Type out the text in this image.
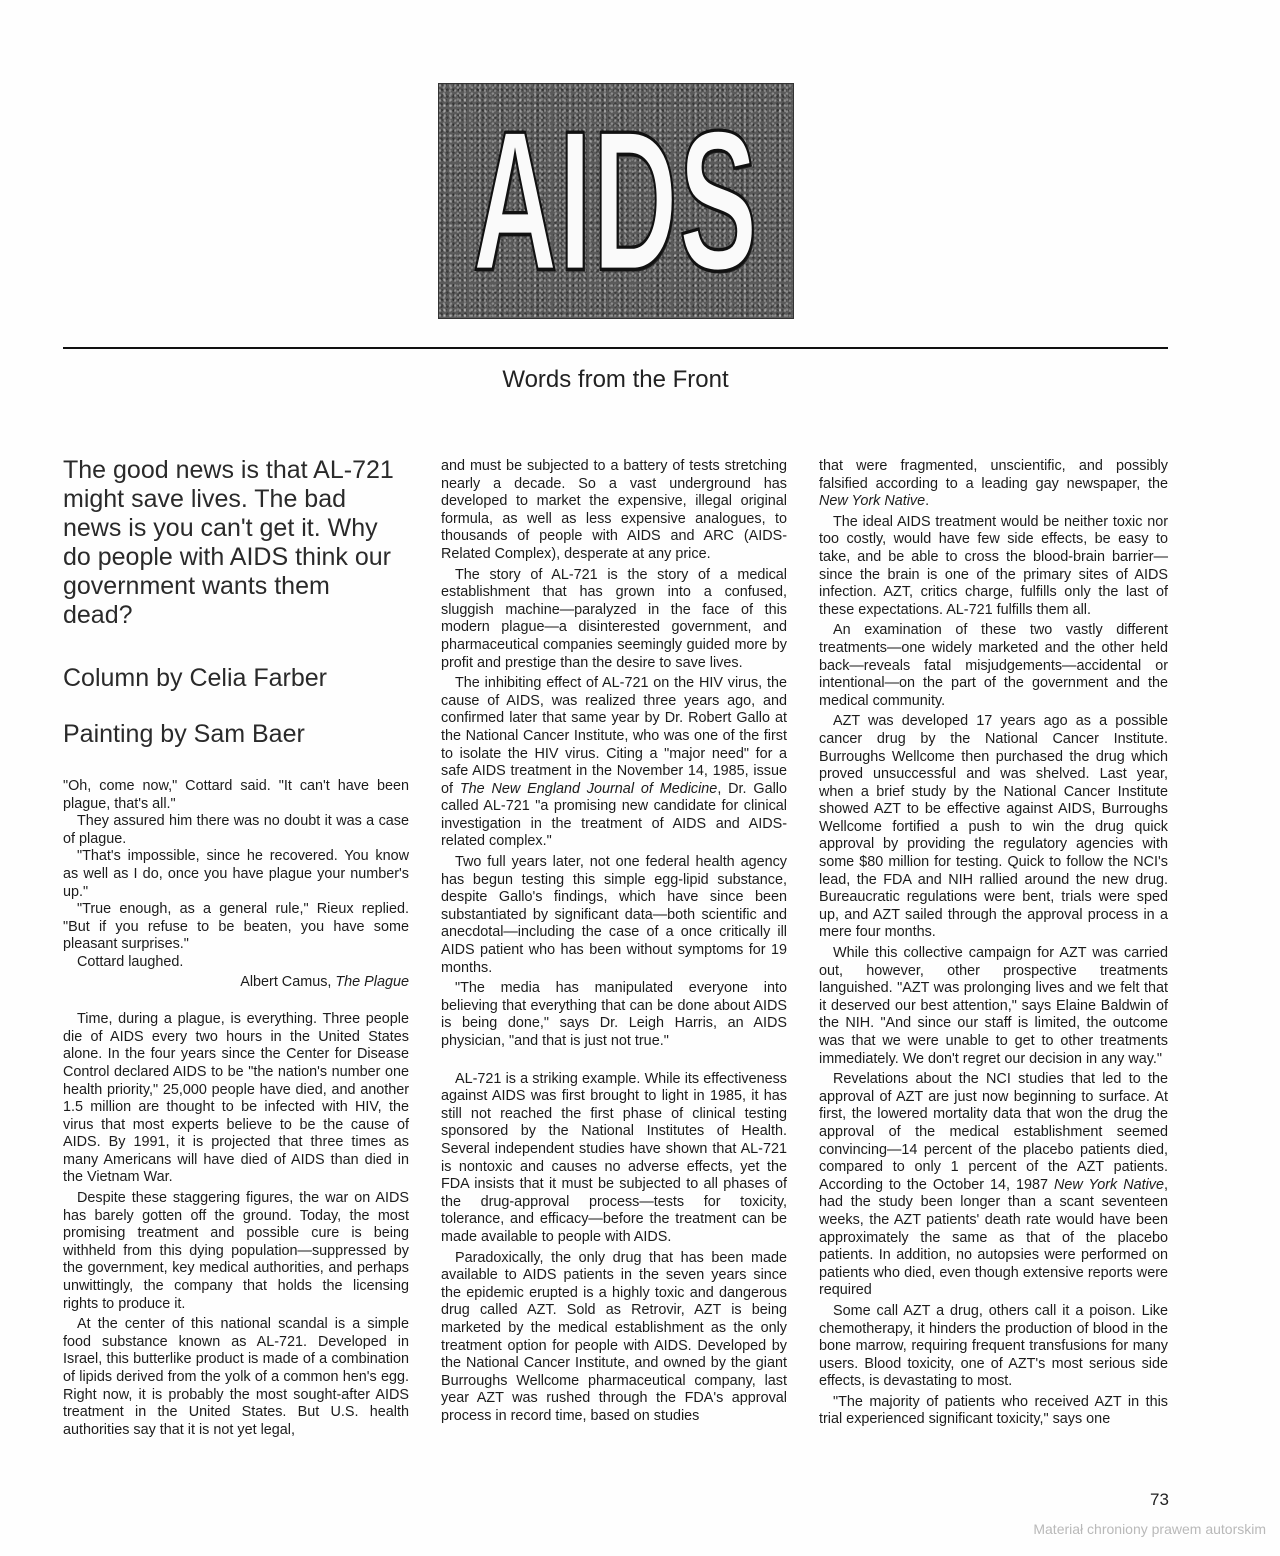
AIDS
Words from the Front
The good news is that AL-721 might save lives. The bad news is you can't get it. Why do people with AIDS think our government wants them dead?
Column by Celia Farber
Painting by Sam Baer

"Oh, come now," Cottard said. "It can't have been plague, that's all."

They assured him there was no doubt it was a case of plague.

"That's impossible, since he recovered. You know as well as I do, once you have plague your number's up."

"True enough, as a general rule," Rieux replied. "But if you refuse to be beaten, you have some pleasant surprises."

Cottard laughed.

Albert Camus, The Plague

Time, during a plague, is everything. Three people die of AIDS every two hours in the United States alone. In the four years since the Center for Disease Control declared AIDS to be "the nation's number one health priority," 25,000 people have died, and another 1.5 million are thought to be infected with HIV, the virus that most experts believe to be the cause of AIDS. By 1991, it is projected that three times as many Americans will have died of AIDS than died in the Vietnam War.

Despite these staggering figures, the war on AIDS has barely gotten off the ground. Today, the most promising treatment and possible cure is being withheld from this dying population—suppressed by the government, key medical authorities, and perhaps unwittingly, the company that holds the licensing rights to produce it.

At the center of this national scandal is a simple food substance known as AL-721. Developed in Israel, this butterlike product is made of a combination of lipids derived from the yolk of a common hen's egg. Right now, it is probably the most sought-after AIDS treatment in the United States. But U.S. health authorities say that it is not yet legal,

and must be subjected to a battery of tests stretching nearly a decade. So a vast underground has developed to market the expensive, illegal original formula, as well as less expensive analogues, to thousands of people with AIDS and ARC (AIDS-Related Complex), desperate at any price.

The story of AL-721 is the story of a medical establishment that has grown into a confused, sluggish machine—paralyzed in the face of this modern plague—a disinterested government, and pharmaceutical companies seemingly guided more by profit and prestige than the desire to save lives.

The inhibiting effect of AL-721 on the HIV virus, the cause of AIDS, was realized three years ago, and confirmed later that same year by Dr. Robert Gallo at the National Cancer Institute, who was one of the first to isolate the HIV virus. Citing a "major need" for a safe AIDS treatment in the November 14, 1985, issue of The New England Journal of Medicine, Dr. Gallo called AL-721 "a promising new candidate for clinical investigation in the treatment of AIDS and AIDS-related complex."

Two full years later, not one federal health agency has begun testing this simple egg-lipid substance, despite Gallo's findings, which have since been substantiated by significant data—both scientific and anecdotal—including the case of a once critically ill AIDS patient who has been without symptoms for 19 months.

"The media has manipulated everyone into believing that everything that can be done about AIDS is being done," says Dr. Leigh Harris, an AIDS physician, "and that is just not true."

AL-721 is a striking example. While its effectiveness against AIDS was first brought to light in 1985, it has still not reached the first phase of clinical testing sponsored by the National Institutes of Health. Several independent studies have shown that AL-721 is nontoxic and causes no adverse effects, yet the FDA insists that it must be subjected to all phases of the drug-approval process—tests for toxicity, tolerance, and efficacy—before the treatment can be made available to people with AIDS.

Paradoxically, the only drug that has been made available to AIDS patients in the seven years since the epidemic erupted is a highly toxic and dangerous drug called AZT. Sold as Retrovir, AZT is being marketed by the medical establishment as the only treatment option for people with AIDS. Developed by the National Cancer Institute, and owned by the giant Burroughs Wellcome pharmaceutical company, last year AZT was rushed through the FDA's approval process in record time, based on studies

that were fragmented, unscientific, and possibly falsified according to a leading gay newspaper, the New York Native.

The ideal AIDS treatment would be neither toxic nor too costly, would have few side effects, be easy to take, and be able to cross the blood-brain barrier—since the brain is one of the primary sites of AIDS infection. AZT, critics charge, fulfills only the last of these expectations. AL-721 fulfills them all.

An examination of these two vastly different treatments—one widely marketed and the other held back—reveals fatal misjudgements—accidental or intentional—on the part of the government and the medical community.

AZT was developed 17 years ago as a possible cancer drug by the National Cancer Institute. Burroughs Wellcome then purchased the drug which proved unsuccessful and was shelved. Last year, when a brief study by the National Cancer Institute showed AZT to be effective against AIDS, Burroughs Wellcome fortified a push to win the drug quick approval by providing the regulatory agencies with some $80 million for testing. Quick to follow the NCI's lead, the FDA and NIH rallied around the new drug. Bureaucratic regulations were bent, trials were sped up, and AZT sailed through the approval process in a mere four months.

While this collective campaign for AZT was carried out, however, other prospective treatments languished. "AZT was prolonging lives and we felt that it deserved our best attention," says Elaine Baldwin of the NIH. "And since our staff is limited, the outcome was that we were unable to get to other treatments immediately. We don't regret our decision in any way."

Revelations about the NCI studies that led to the approval of AZT are just now beginning to surface. At first, the lowered mortality data that won the drug the approval of the medical establishment seemed convincing—14 percent of the placebo patients died, compared to only 1 percent of the AZT patients. According to the October 14, 1987 New York Native, had the study been longer than a scant seventeen weeks, the AZT patients' death rate would have been approximately the same as that of the placebo patients. In addition, no autopsies were performed on patients who died, even though extensive reports were required

Some call AZT a drug, others call it a poison. Like chemotherapy, it hinders the production of blood in the bone marrow, requiring frequent transfusions for many users. Blood toxicity, one of AZT's most serious side effects, is devastating to most.

"The majority of patients who received AZT in this trial experienced significant toxicity," says one

73
Materiał chroniony prawem autorskim
